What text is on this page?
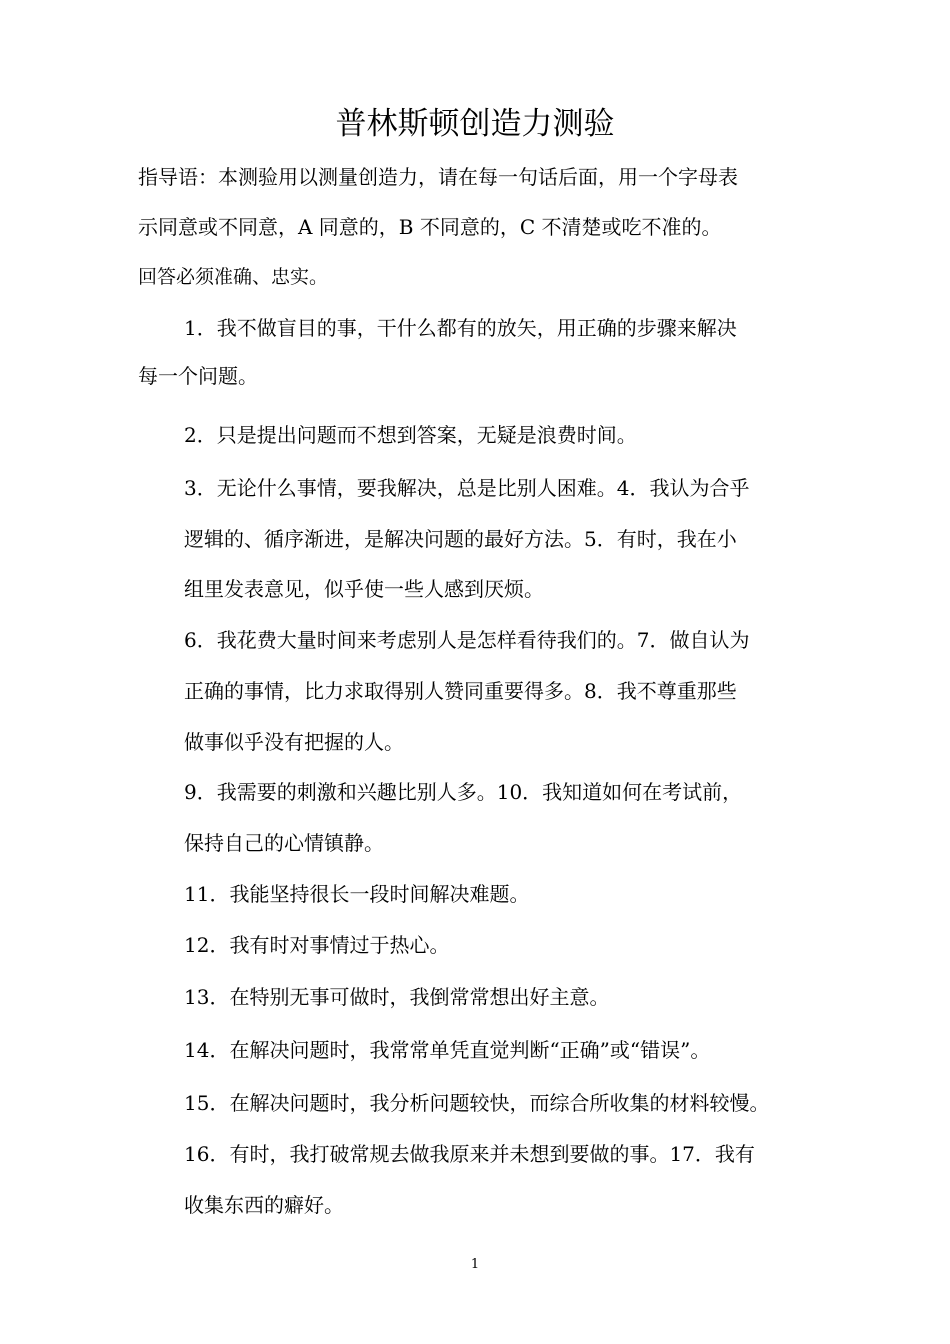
普林斯顿创造力测验
指导语：本测验用以测量创造力，请在每一句话后面，用一个字母表
示同意或不同意，A 同意的，B 不同意的，C 不清楚或吃不准的。
回答必须准确、忠实。
1．我不做盲目的事，干什么都有的放矢，用正确的步骤来解决
每一个问题。
2．只是提出问题而不想到答案，无疑是浪费时间。
3．无论什么事情，要我解决，总是比别人困难。4．我认为合乎
逻辑的、循序渐进，是解决问题的最好方法。5．有时，我在小
组里发表意见，似乎使一些人感到厌烦。
6．我花费大量时间来考虑别人是怎样看待我们的。7．做自认为
正确的事情，比力求取得别人赞同重要得多。8．我不尊重那些
做事似乎没有把握的人。
9．我需要的刺激和兴趣比别人多。10．我知道如何在考试前，
保持自己的心情镇静。
11．我能坚持很长一段时间解决难题。
12．我有时对事情过于热心。
13．在特别无事可做时，我倒常常想出好主意。
14．在解决问题时，我常常单凭直觉判断“正确”或“错误”。
15．在解决问题时，我分析问题较快，而综合所收集的材料较慢。
16．有时，我打破常规去做我原来并未想到要做的事。17．我有
收集东西的癖好。
1
